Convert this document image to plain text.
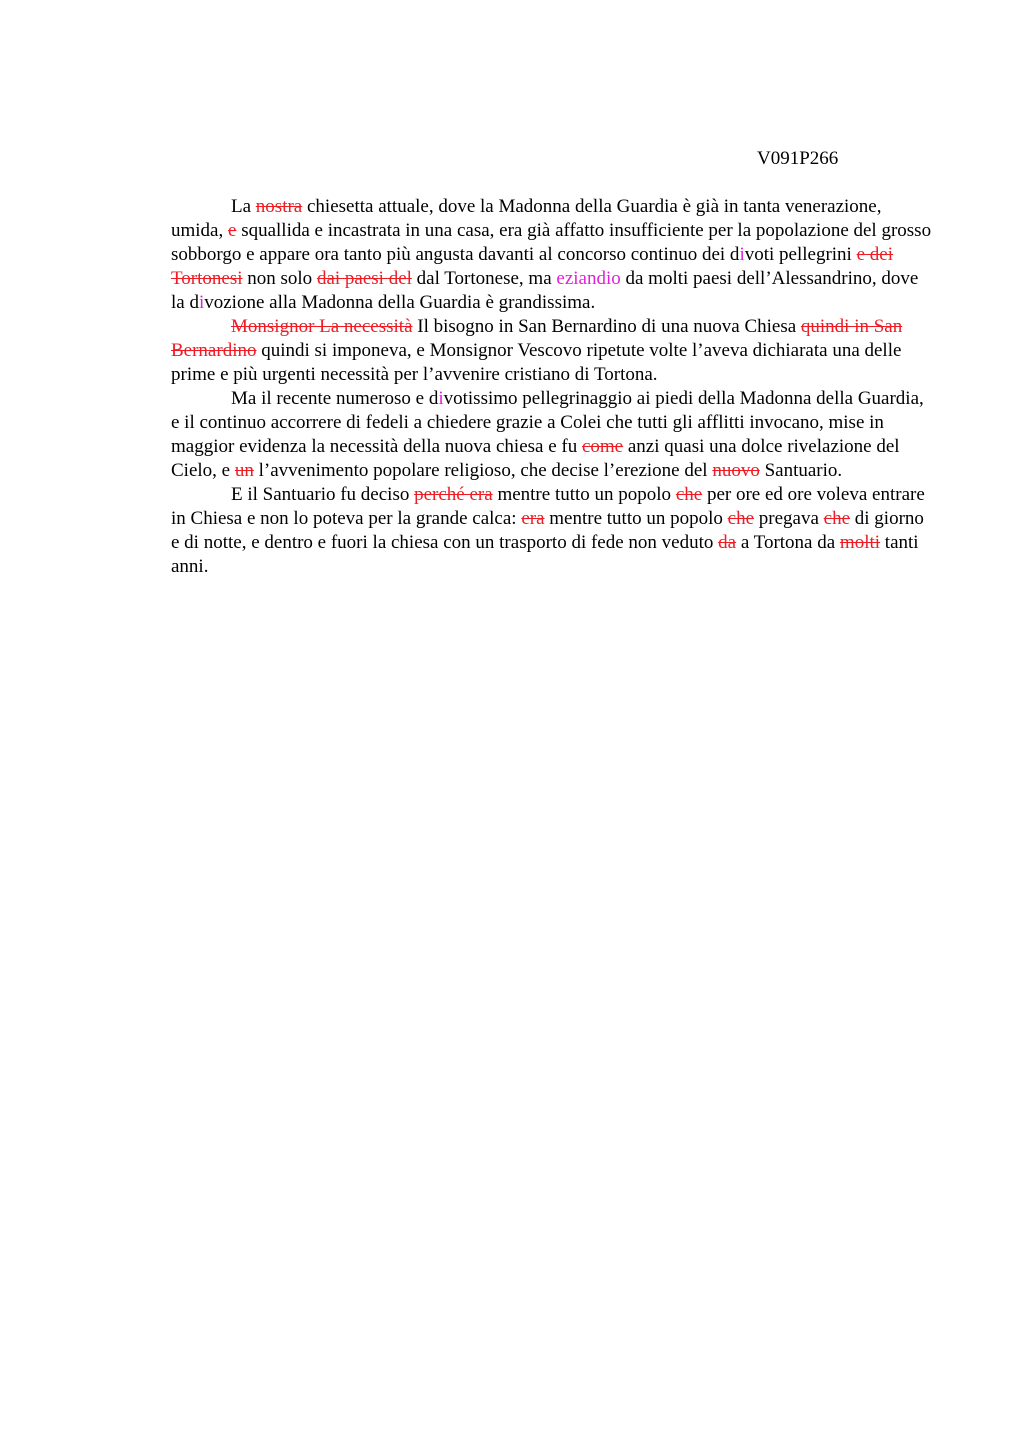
V091P266

La nostra chiesetta attuale, dove la Madonna della Guardia è già in tanta venerazione, umida, e squallida e incastrata in una casa, era già affatto insufficiente per la popolazione del grosso sobborgo e appare ora tanto più angusta davanti al concorso continuo dei divoti pellegrini e dei Tortonesi non solo dai paesi del dal Tortonese, ma eziandio da molti paesi dell’Alessandrino, dove la divozione alla Madonna della Guardia è grandissima.

Monsignor La necessità Il bisogno in San Bernardino di una nuova Chiesa quindi in San Bernardino quindi si imponeva, e Monsignor Vescovo ripetute volte l’aveva dichiarata una delle prime e più urgenti necessità per l’avvenire cristiano di Tortona.

Ma il recente numeroso e divotissimo pellegrinaggio ai piedi della Madonna della Guardia, e il continuo accorrere di fedeli a chiedere grazie a Colei che tutti gli afflitti invocano, mise in maggior evidenza la necessità della nuova chiesa e fu come anzi quasi una dolce rivelazione del Cielo, e un l’avvenimento popolare religioso, che decise l’erezione del nuovo Santuario.

E il Santuario fu deciso perché era mentre tutto un popolo che per ore ed ore voleva entrare in Chiesa e non lo poteva per la grande calca: era mentre tutto un popolo che pregava che di giorno e di notte, e dentro e fuori la chiesa con un trasporto di fede non veduto da a Tortona da molti tanti anni.
